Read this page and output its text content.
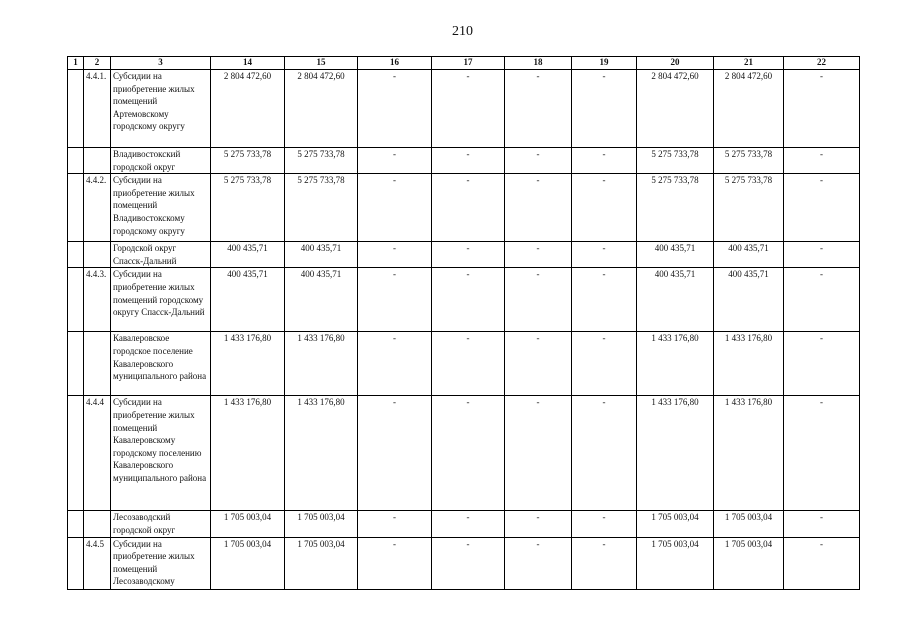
210
1	2	3	14	15	16	17	18	19	20	21	22
	4.4.1.	Субсидии на приобретение жилых помещений Артемовскому городскому округу	2 804 472,60	2 804 472,60	-	-	-	-	2 804 472,60	2 804 472,60	-
		Владивостокский городской округ	5 275 733,78	5 275 733,78	-	-	-	-	5 275 733,78	5 275 733,78	-
	4.4.2.	Субсидии на приобретение жилых помещений Владивостокскому городскому округу	5 275 733,78	5 275 733,78	-	-	-	-	5 275 733,78	5 275 733,78	-
		Городской округ Спасск-Дальний	400 435,71	400 435,71	-	-	-	-	400 435,71	400 435,71	-
	4.4.3.	Субсидии на приобретение жилых помещений городскому округу Спасск-Дальний	400 435,71	400 435,71	-	-	-	-	400 435,71	400 435,71	-
		Кавалеровское городское поселение Кавалеровского муниципального района	1 433 176,80	1 433 176,80	-	-	-	-	1 433 176,80	1 433 176,80	-
	4.4.4	Субсидии на приобретение жилых помещений Кавалеровскому городскому поселению Кавалеровского муниципального района	1 433 176,80	1 433 176,80	-	-	-	-	1 433 176,80	1 433 176,80	-
		Лесозаводский городской округ	1 705 003,04	1 705 003,04	-	-	-	-	1 705 003,04	1 705 003,04	-
	4.4.5	Субсидии на приобретение жилых помещений Лесозаводскому	1 705 003,04	1 705 003,04	-	-	-	-	1 705 003,04	1 705 003,04	-
